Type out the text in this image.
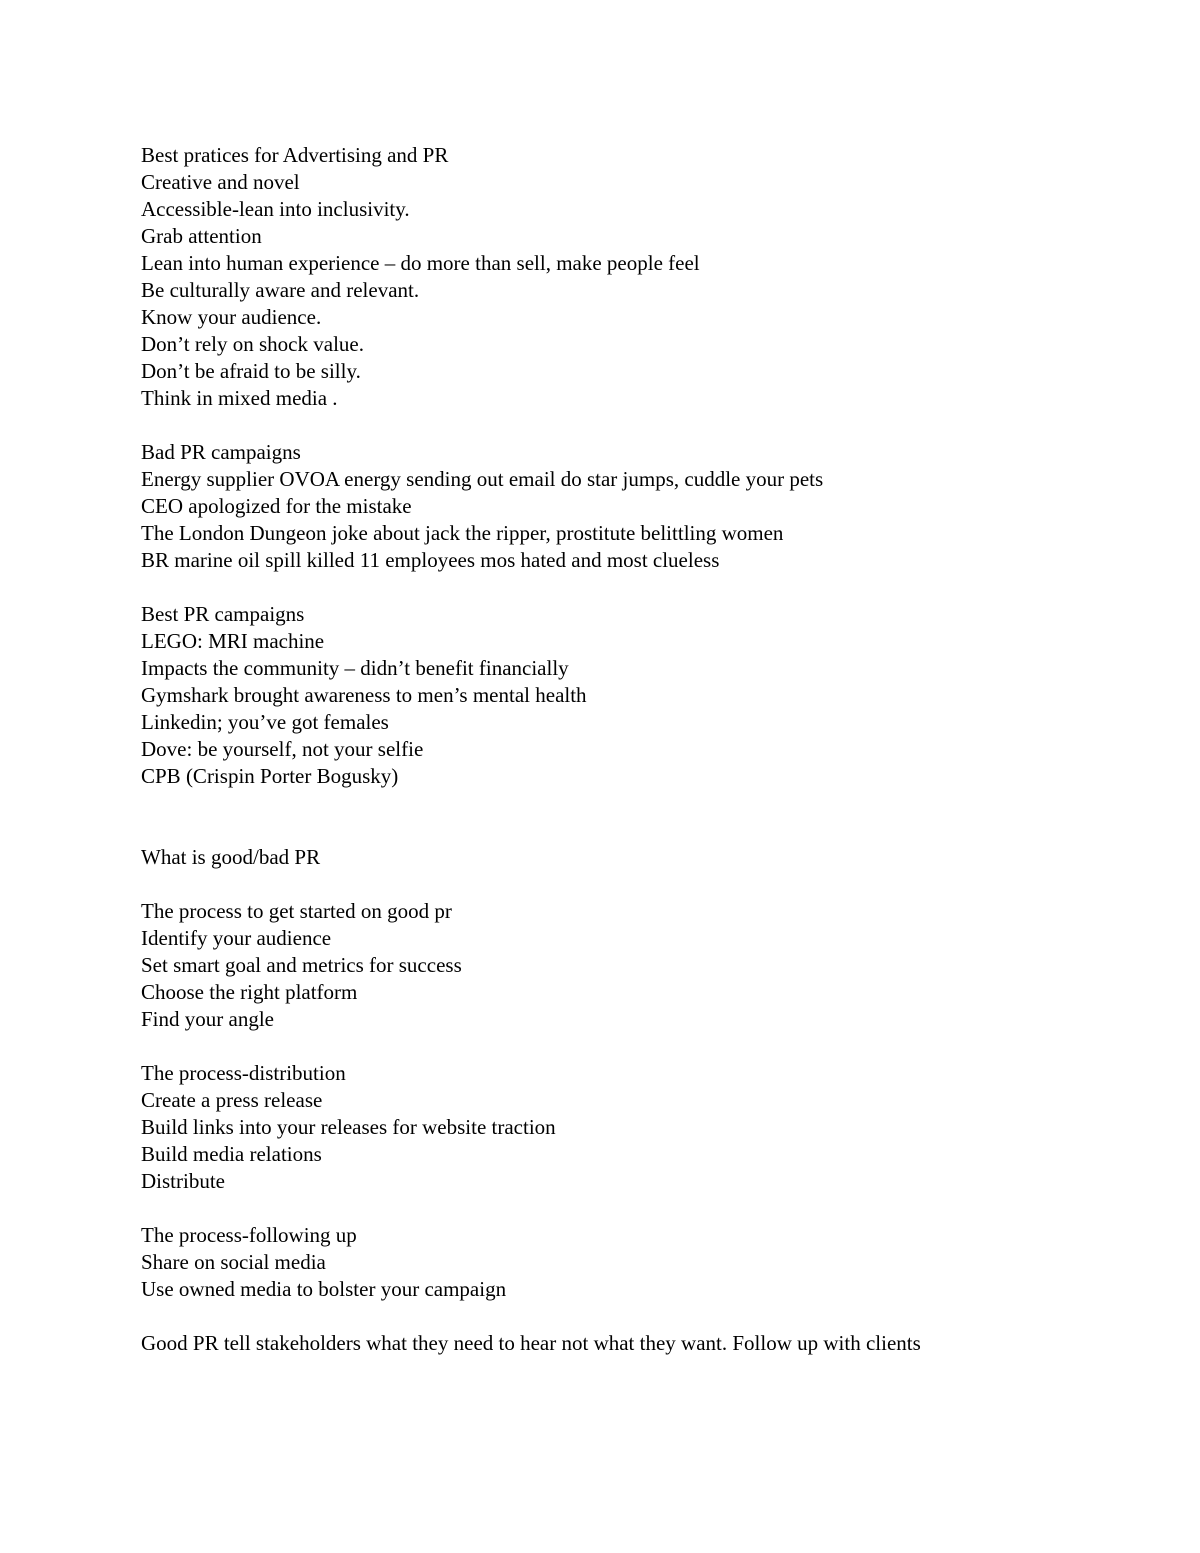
Best pratices for Advertising and PR
Creative and novel
Accessible-lean into inclusivity.
Grab attention
Lean into human experience – do more than sell, make people feel
Be culturally aware and relevant.
Know your audience.
Don’t rely on shock value.
Don’t be afraid to be silly.
Think in mixed media .
Bad PR campaigns
Energy supplier OVOA energy sending out email do star jumps, cuddle your pets
CEO apologized for the mistake
The London Dungeon joke about jack the ripper, prostitute belittling women
BR marine oil spill killed 11 employees mos hated and most clueless
Best PR campaigns
LEGO: MRI machine
Impacts the community – didn’t benefit financially
Gymshark brought awareness to men’s mental health
Linkedin; you’ve got females
Dove: be yourself, not your selfie
CPB (Crispin Porter Bogusky)
What is good/bad PR
The process to get started on good pr
Identify your audience
Set smart goal and metrics for success
Choose the right platform
Find your angle
The process-distribution
Create a press release
Build links into your releases for website traction
Build media relations
Distribute
The process-following up
Share on social media
Use owned media to bolster your campaign
Good PR tell stakeholders what they need to hear not what they want. Follow up with clients
